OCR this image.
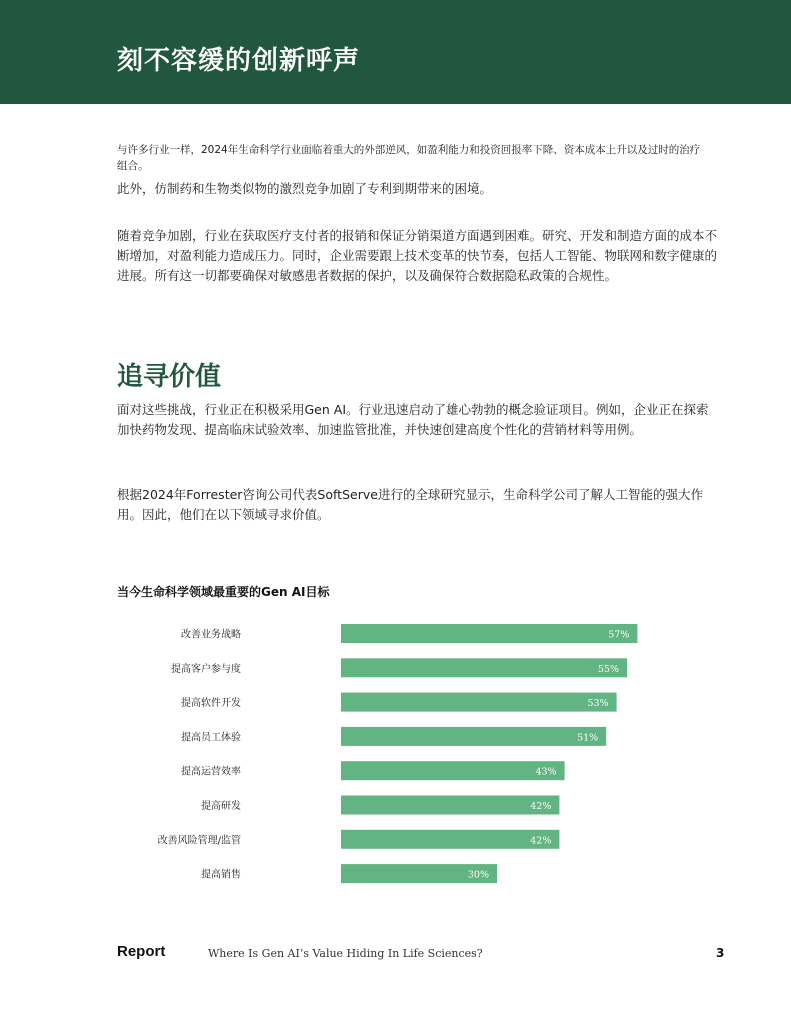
刻不容缓的创新呼声
与许多行业一样，2024年生命科学行业面临着重大的外部逆风，如盈利能力和投资回报率下降、资本成本上升以及过时的治疗组合。
此外，仿制药和生物类似物的激烈竞争加剧了专利到期带来的困境。
随着竞争加剧，行业在获取医疗支付者的报销和保证分销渠道方面遇到困难。研究、开发和制造方面的成本不断增加，对盈利能力造成压力。同时，企业需要跟上技术变革的快节奏，包括人工智能、物联网和数字健康的进展。所有这一切都要确保对敏感患者数据的保护，以及确保符合数据隐私政策的合规性。
追寻价值
面对这些挑战，行业正在积极采用Gen AI。行业迅速启动了雄心勃勃的概念验证项目。例如，企业正在探索加快药物发现、提高临床试验效率、加速监管批准，并快速创建高度个性化的营销材料等用例。
根据2024年Forrester咨询公司代表SoftServe进行的全球研究显示，生命科学公司了解人工智能的强大作用。因此，他们在以下领域寻求价值。
当今生命科学领域最重要的Gen AI目标
改善业务战略	57%
提高客户参与度	55%
提高软件开发	53%
提高员工体验	51%
提高运营效率	43%
提高研发	42%
改善风险管理/监管	42%
提高销售	30%
Report	Where Is Gen AI’s Value Hiding In Life Sciences?	3
